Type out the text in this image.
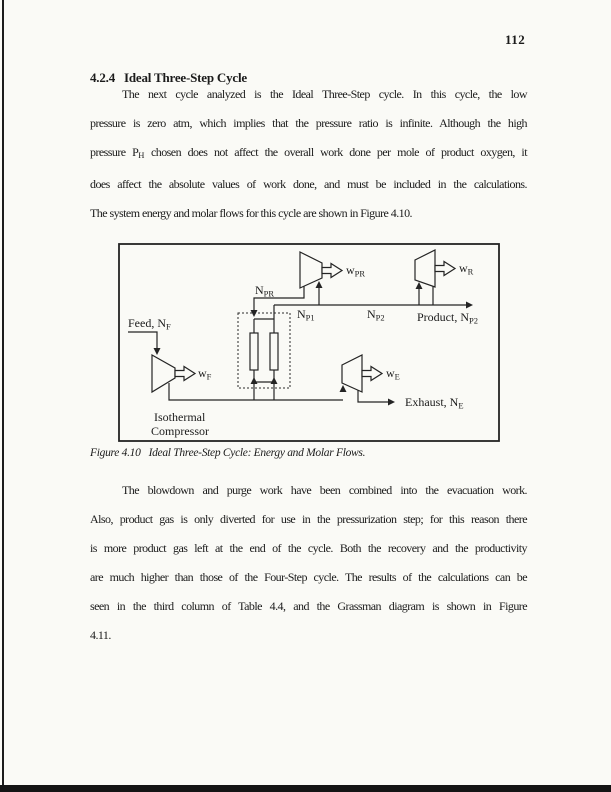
112
4.2.4 Ideal Three-Step Cycle
The next cycle analyzed is the Ideal Three-Step cycle. In this cycle, the low
pressure is zero atm, which implies that the pressure ratio is infinite. Although the high
pressure $P_H$ chosen does not affect the overall work done per mole of product oxygen, it
does affect the absolute values of work done, and must be included in the calculations.
The system energy and molar flows for this cycle are shown in Figure 4.10.
Feed, $N_F$
$w_F$
Isothermal
Compressor
$N_{PR}$
$N_{P1}$	$N_{P2}$
$w_{PR}$	$w_R$
$w_E$
Product, $N_{P2}$
Exhaust, $N_E$
Figure 4.10 Ideal Three-Step Cycle: Energy and Molar Flows.
The blowdown and purge work have been combined into the evacuation work.
Also, product gas is only diverted for use in the pressurization step; for this reason there
is more product gas left at the end of the cycle. Both the recovery and the productivity
are much higher than those of the Four-Step cycle. The results of the calculations can be
seen in the third column of Table 4.4, and the Grassman diagram is shown in Figure
4.11.
